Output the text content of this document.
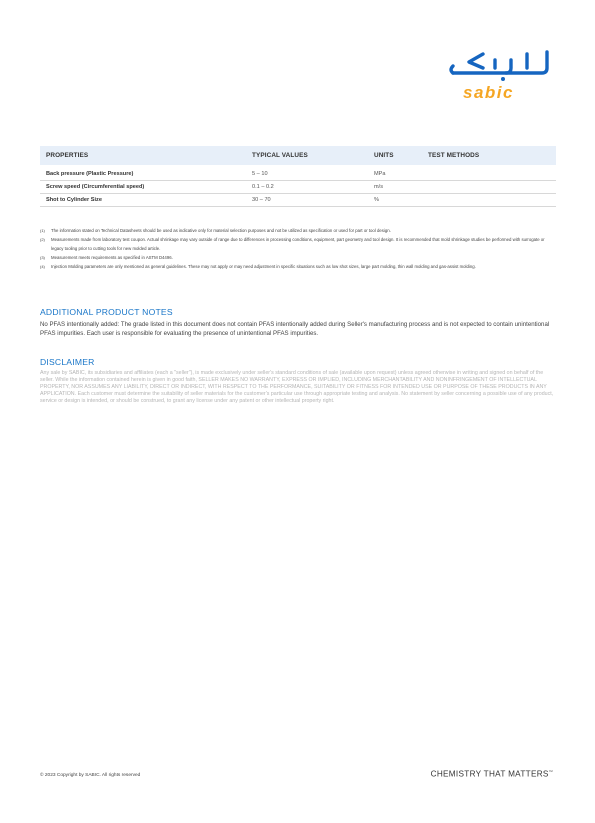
sabic
PROPERTIES	TYPICAL VALUES	UNITS	TEST METHODS
Back pressure (Plastic Pressure)	5 – 10	MPa
Screw speed (Circumferential speed)	0.1 – 0.2	m/s
Shot to Cylinder Size	30 – 70	%
(1)	The information stated on Technical Datasheets should be used as indicative only for material selection purposes and not be utilized as specification or used for part or tool design.
(2)	Measurements made from laboratory test coupon. Actual shrinkage may vary outside of range due to differences in processing conditions, equipment, part geometry and tool design. It is recommended that mold shrinkage studies be performed with surrogate or legacy tooling prior to cutting tools for new molded article.
(3)	Measurement meets requirements as specified in ASTM D4496.
(4)	Injection Molding parameters are only mentioned as general guidelines. These may not apply or may need adjustment in specific situations such as low shot sizes, large part molding, thin wall molding and gas-assist molding.
ADDITIONAL PRODUCT NOTES
No PFAS intentionally added: The grade listed in this document does not contain PFAS intentionally added during Seller's manufacturing process and is not expected to contain unintentional PFAS impurities. Each user is responsible for evaluating the presence of unintentional PFAS impurities.
DISCLAIMER
Any sale by SABIC, its subsidiaries and affiliates (each a "seller"), is made exclusively under seller's standard conditions of sale (available upon request) unless agreed otherwise in writing and signed on behalf of the seller. While the information contained herein is given in good faith, SELLER MAKES NO WARRANTY, EXPRESS OR IMPLIED, INCLUDING MERCHANTABILITY AND NONINFRINGEMENT OF INTELLECTUAL PROPERTY, NOR ASSUMES ANY LIABILITY, DIRECT OR INDIRECT, WITH RESPECT TO THE PERFORMANCE, SUITABILITY OR FITNESS FOR INTENDED USE OR PURPOSE OF THESE PRODUCTS IN ANY APPLICATION. Each customer must determine the suitability of seller materials for the customer's particular use through appropriate testing and analysis. No statement by seller concerning a possible use of any product, service or design is intended, or should be construed, to grant any license under any patent or other intellectual property right.
© 2023 Copyright by SABIC. All rights reserved	CHEMISTRY THAT MATTERS™
